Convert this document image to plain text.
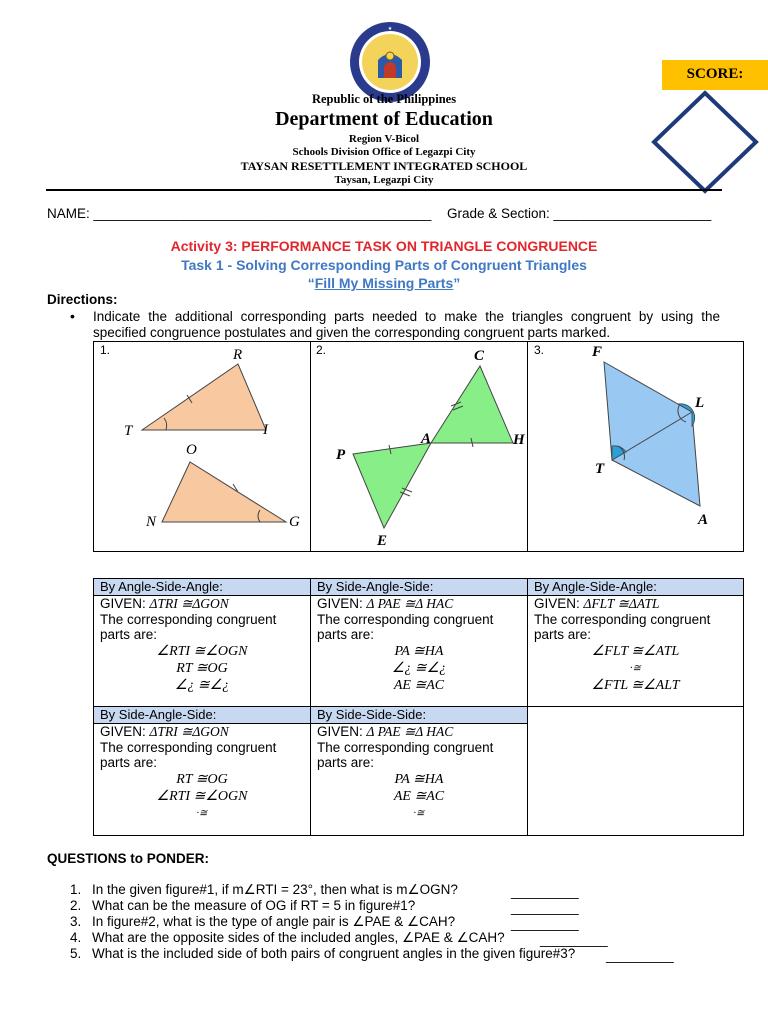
★
SCORE:
Republic of the Philippines
Department of Education
Region V-Bicol
Schools Division Office of Legazpi City
TAYSAN RESETTLEMENT INTEGRATED SCHOOL
Taysan, Legazpi City
NAME: _____________________________________________ Grade & Section: _____________________
Activity 3: PERFORMANCE TASK ON TRIANGLE CONGRUENCE
Task 1 - Solving Corresponding Parts of Congruent Triangles
“Fill My Missing Parts”
Directions:
• Indicate the additional corresponding parts needed to make the triangles congruent by using the specified congruence postulates and given the corresponding congruent parts marked.
1.	2.	3.
R
T	I
O
N	G
C
A	H
P
E
F
L
T
A
By Angle-Side-Angle:
GIVEN: ΔTRI ≅ΔGON
The corresponding congruent parts are:
∠RTI ≅∠OGN
RT ≅OG
∠¿ ≅∠¿
By Side-Angle-Side:
GIVEN: Δ PAE ≅Δ HAC
The corresponding congruent parts are:
PA ≅HA
∠¿ ≅∠¿
AE ≅AC
By Angle-Side-Angle:
GIVEN: ΔFLT ≅ΔATL
The corresponding congruent parts are:
∠FLT ≅∠ATL
·≅
∠FTL ≅∠ALT
By Side-Angle-Side:
GIVEN: ΔTRI ≅ΔGON
The corresponding congruent parts are:
RT ≅OG
∠RTI ≅∠OGN
·≅
By Side-Side-Side:
GIVEN: Δ PAE ≅Δ HAC
The corresponding congruent parts are:
PA ≅HA
AE ≅AC
·≅
QUESTIONS to PONDER:
1. In the given figure#1, if m∠RTI = 23°, then what is m∠OGN?	_________
2. What can be the measure of OG if RT = 5 in figure#1?	_________
3. In figure#2, what is the type of angle pair is ∠PAE & ∠CAH?	_________
4. What are the opposite sides of the included angles, ∠PAE & ∠CAH?	_________
5. What is the included side of both pairs of congruent angles in the given figure#3? _________
